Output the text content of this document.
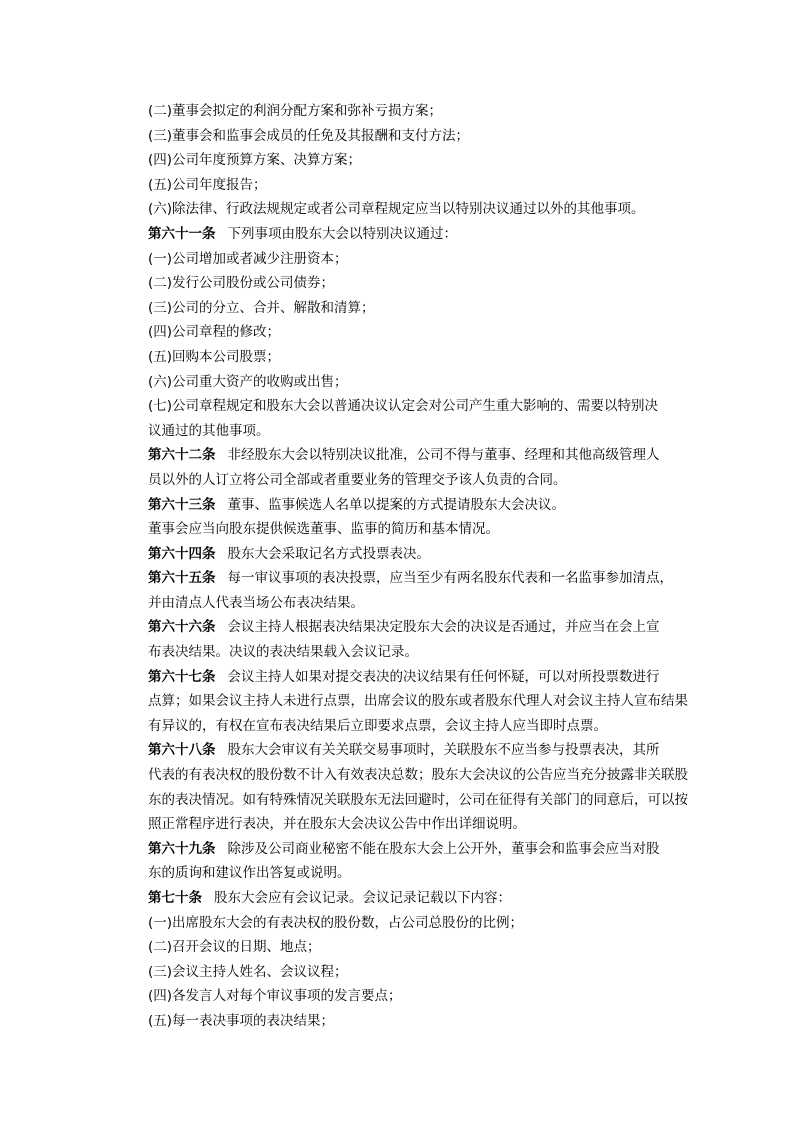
(二)董事会拟定的利润分配方案和弥补亏损方案；
(三)董事会和监事会成员的任免及其报酬和支付方法；
(四)公司年度预算方案、决算方案；
(五)公司年度报告；
(六)除法律、行政法规规定或者公司章程规定应当以特别决议通过以外的其他事项。
第六十一条 下列事项由股东大会以特别决议通过：
(一)公司增加或者减少注册资本；
(二)发行公司股份或公司债券；
(三)公司的分立、合并、解散和清算；
(四)公司章程的修改；
(五)回购本公司股票；
(六)公司重大资产的收购或出售；
(七)公司章程规定和股东大会以普通决议认定会对公司产生重大影响的、需要以特别决
议通过的其他事项。
第六十二条 非经股东大会以特别决议批准，公司不得与董事、经理和其他高级管理人
员以外的人订立将公司全部或者重要业务的管理交予该人负责的合同。
第六十三条 董事、监事候选人名单以提案的方式提请股东大会决议。
董事会应当向股东提供候选董事、监事的简历和基本情况。
第六十四条 股东大会采取记名方式投票表决。
第六十五条 每一审议事项的表决投票，应当至少有两名股东代表和一名监事参加清点，
并由清点人代表当场公布表决结果。
第六十六条 会议主持人根据表决结果决定股东大会的决议是否通过，并应当在会上宣
布表决结果。决议的表决结果载入会议记录。
第六十七条 会议主持人如果对提交表决的决议结果有任何怀疑，可以对所投票数进行
点算；如果会议主持人未进行点票，出席会议的股东或者股东代理人对会议主持人宣布结果
有异议的，有权在宣布表决结果后立即要求点票，会议主持人应当即时点票。
第六十八条 股东大会审议有关关联交易事项时，关联股东不应当参与投票表决，其所
代表的有表决权的股份数不计入有效表决总数；股东大会决议的公告应当充分披露非关联股
东的表决情况。如有特殊情况关联股东无法回避时，公司在征得有关部门的同意后，可以按
照正常程序进行表决，并在股东大会决议公告中作出详细说明。
第六十九条 除涉及公司商业秘密不能在股东大会上公开外，董事会和监事会应当对股
东的质询和建议作出答复或说明。
第七十条 股东大会应有会议记录。会议记录记载以下内容：
(一)出席股东大会的有表决权的股份数，占公司总股份的比例；
(二)召开会议的日期、地点；
(三)会议主持人姓名、会议议程；
(四)各发言人对每个审议事项的发言要点；
(五)每一表决事项的表决结果；
